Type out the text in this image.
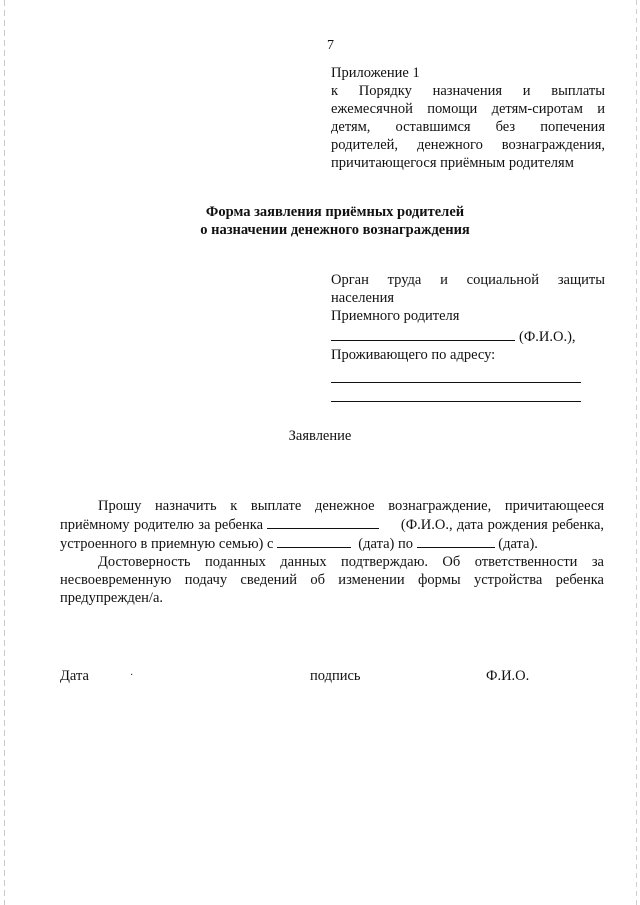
7
Приложение 1
к Порядку назначения и выплаты ежемесячной помощи детям-сиротам и детям, оставшимся без попечения родителей, денежного вознаграждения, причитающегося приёмным родителям
Форма заявления приёмных родителей
о назначении денежного вознаграждения
Орган труда и социальной защиты населения
Приемного родителя
(Ф.И.О.),
Проживающего по адресу:
Заявление

Прошу назначить к выплате денежное вознаграждение, причитающееся приёмному родителю за ребенка	(Ф.И.О., дата рождения ребенка, устроенного в приемную семью) с	(дата) по	(дата).

Достоверность поданных данных подтверждаю. Об ответственности за несвоевременную подачу сведений об изменении формы устройства ребенка предупрежден/а.

Дата	·	подпись	Ф.И.О.
